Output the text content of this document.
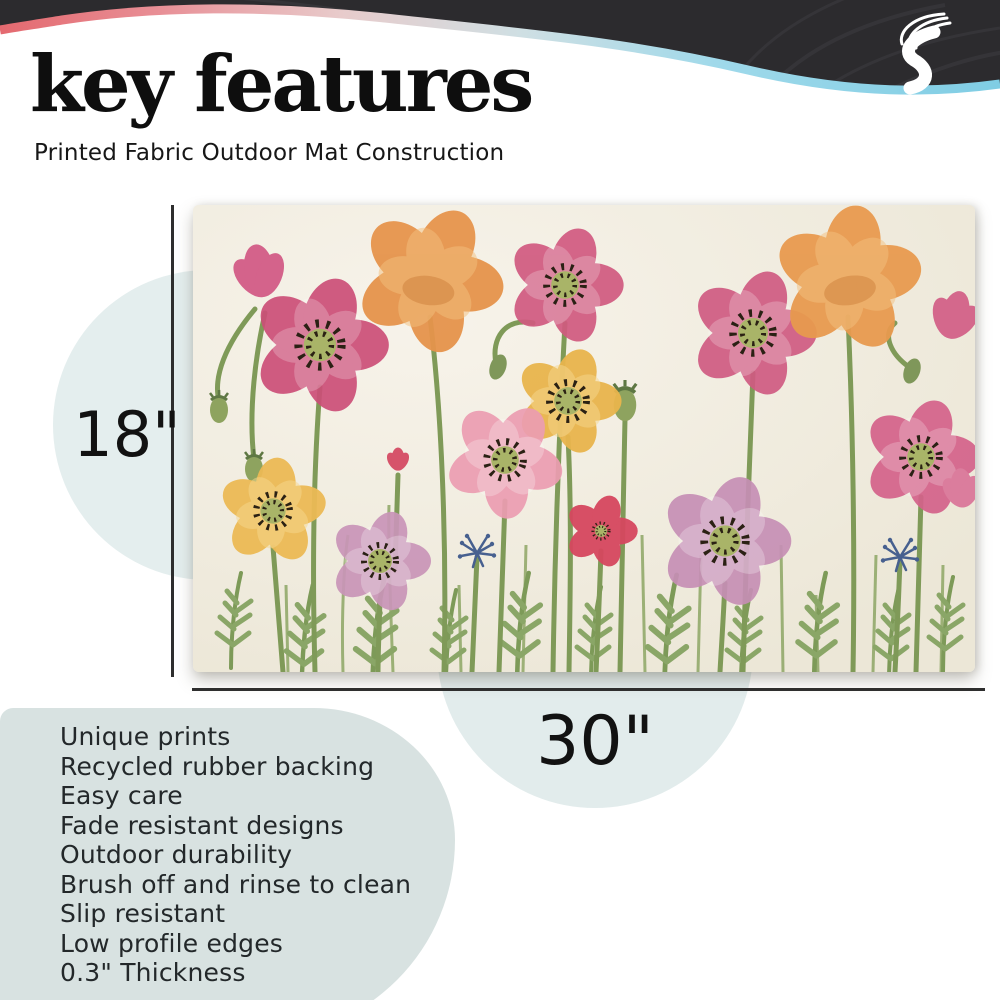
Unique prints
Recycled rubber backing
Easy care
Fade resistant designs
Outdoor durability
Brush off and rinse to clean
Slip resistant
Low profile edges
0.3" Thickness
18"
30"
key features
Printed Fabric Outdoor Mat Construction
